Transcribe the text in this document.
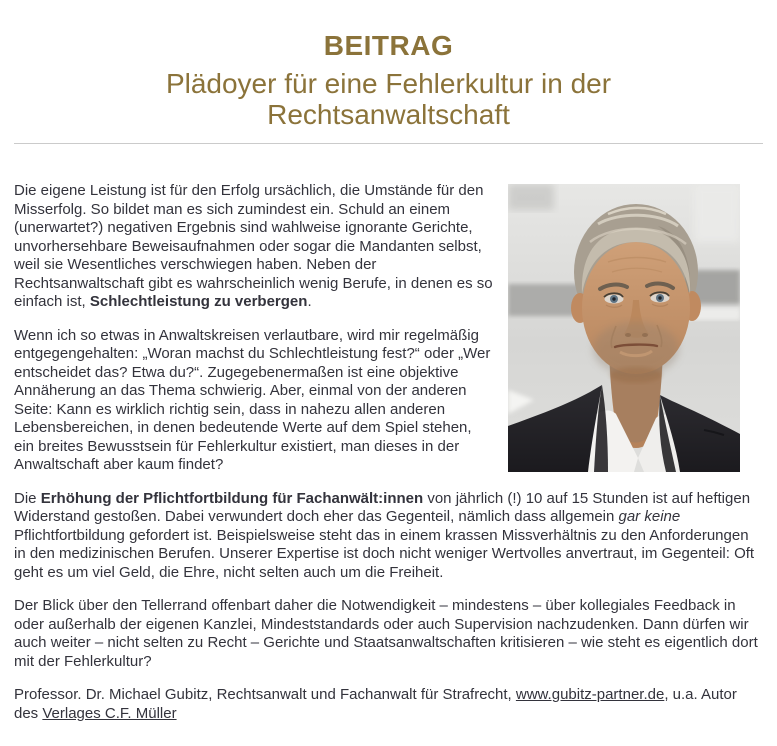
BEITRAG
Plädoyer für eine Fehlerkultur in der Rechtsanwaltschaft

Die eigene Leistung ist für den Erfolg ursächlich, die Umstände für den Misserfolg. So bildet man es sich zumindest ein. Schuld an einem (unerwartet?) negativen Ergebnis sind wahlweise ignorante Gerichte, unvorhersehbare Beweisaufnahmen oder sogar die Mandanten selbst, weil sie Wesentliches verschwiegen haben. Neben der Rechtsanwaltschaft gibt es wahrscheinlich wenig Berufe, in denen es so einfach ist, Schlechtleistung zu verbergen.

Wenn ich so etwas in Anwaltskreisen verlautbare, wird mir regelmäßig entgegengehalten: „Woran machst du Schlechtleistung fest?“ oder „Wer entscheidet das? Etwa du?“. Zugegebenermaßen ist eine objektive Annäherung an das Thema schwierig. Aber, einmal von der anderen Seite: Kann es wirklich richtig sein, dass in nahezu allen anderen Lebensbereichen, in denen bedeutende Werte auf dem Spiel stehen, ein breites Bewusstsein für Fehlerkultur existiert, man dieses in der Anwaltschaft aber kaum findet?

Die Erhöhung der Pflichtfortbildung für Fachanwält:innen von jährlich (!) 10 auf 15 Stunden ist auf heftigen Widerstand gestoßen. Dabei verwundert doch eher das Gegenteil, nämlich dass allgemein gar keine Pflichtfortbildung gefordert ist. Beispielsweise steht das in einem krassen Missverhältnis zu den Anforderungen in den medizinischen Berufen. Unserer Expertise ist doch nicht weniger Wertvolles anvertraut, im Gegenteil: Oft geht es um viel Geld, die Ehre, nicht selten auch um die Freiheit.

Der Blick über den Tellerrand offenbart daher die Notwendigkeit – mindestens – über kollegiales Feedback in oder außerhalb der eigenen Kanzlei, Mindeststandards oder auch Supervision nachzudenken. Dann dürfen wir auch weiter – nicht selten zu Recht – Gerichte und Staatsanwaltschaften kritisieren – wie steht es eigentlich dort mit der Fehlerkultur?

Professor. Dr. Michael Gubitz, Rechtsanwalt und Fachanwalt für Strafrecht, www.gubitz-partner.de, u.a. Autor des Verlages C.F. Müller
